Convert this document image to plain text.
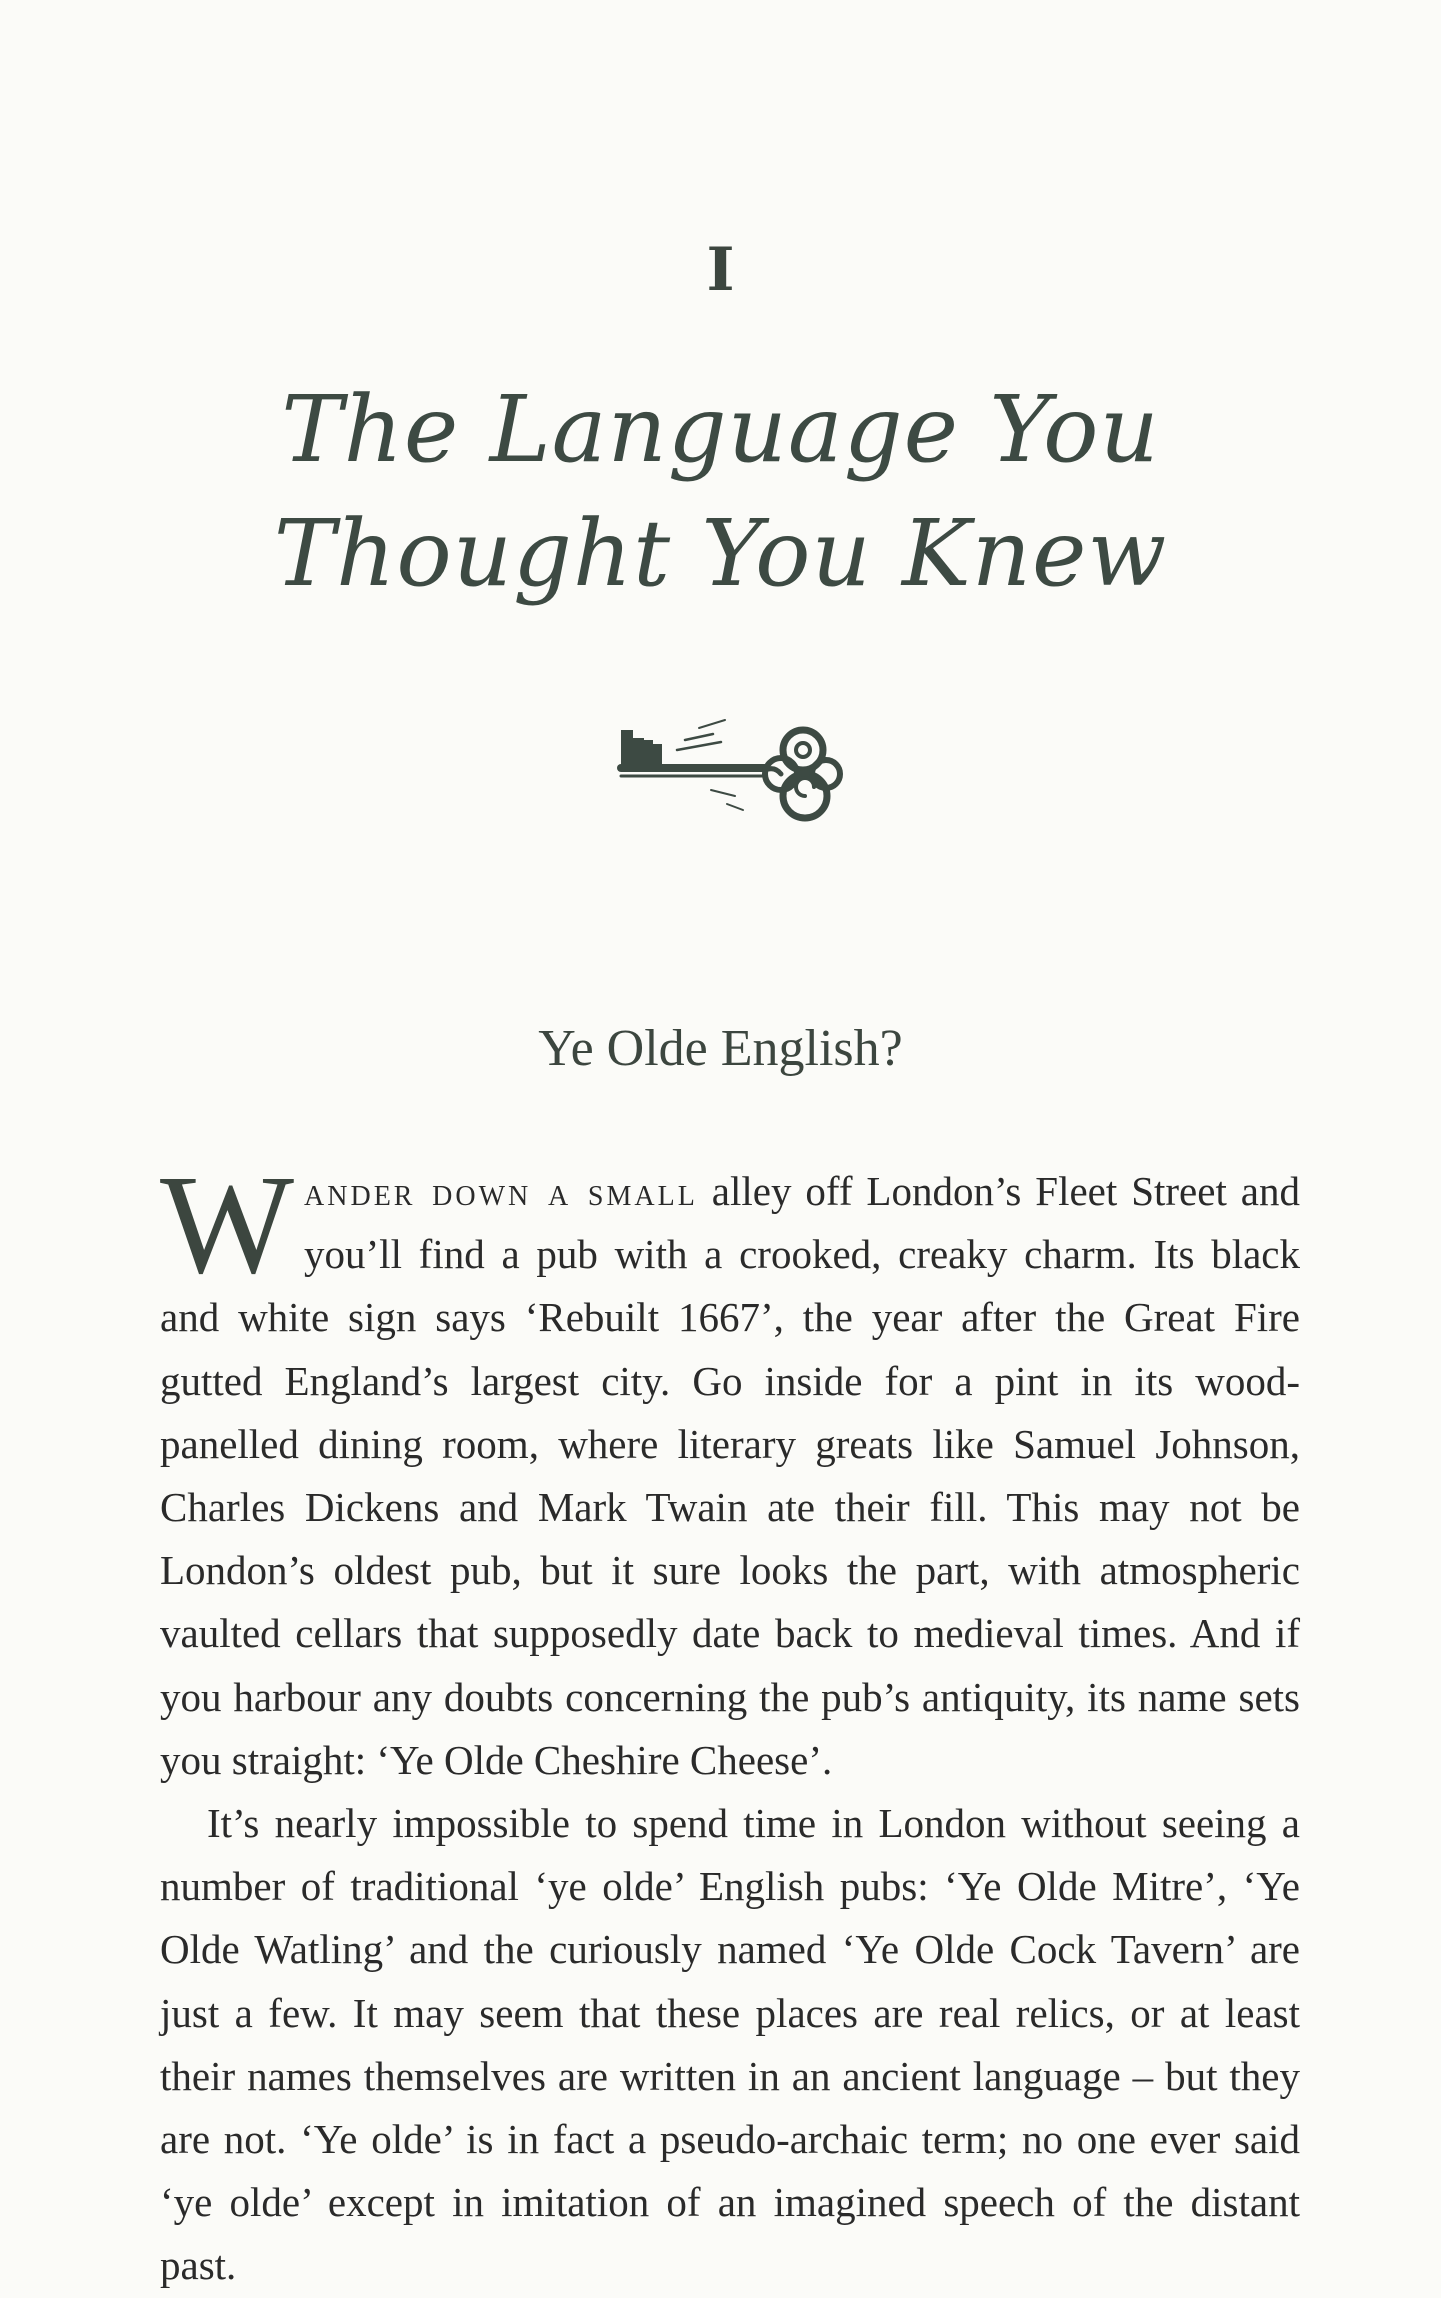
I
The Language You Thought You Knew
Ye Olde English?

Wander down a small alley off London’s Fleet Street and you’ll find a pub with a crooked, creaky charm. Its black and white sign says ‘Rebuilt 1667’, the year after the Great Fire gutted England’s largest city. Go inside for a pint in its wood-panelled dining room, where literary greats like Samuel Johnson, Charles Dickens and Mark Twain ate their fill. This may not be London’s oldest pub, but it sure looks the part, with atmospheric vaulted cellars that supposedly date back to medieval times. And if you harbour any doubts concerning the pub’s antiquity, its name sets you straight: ‘Ye Olde Cheshire Cheese’.

It’s nearly impossible to spend time in London without seeing a number of traditional ‘ye olde’ English pubs: ‘Ye Olde Mitre’, ‘Ye Olde Watling’ and the curiously named ‘Ye Olde Cock Tavern’ are just a few. It may seem that these places are real relics, or at least their names themselves are written in an ancient language – but they are not. ‘Ye olde’ is in fact a pseudo-archaic term; no one ever said ‘ye olde’ except in imitation of an imagined speech of the distant past.
